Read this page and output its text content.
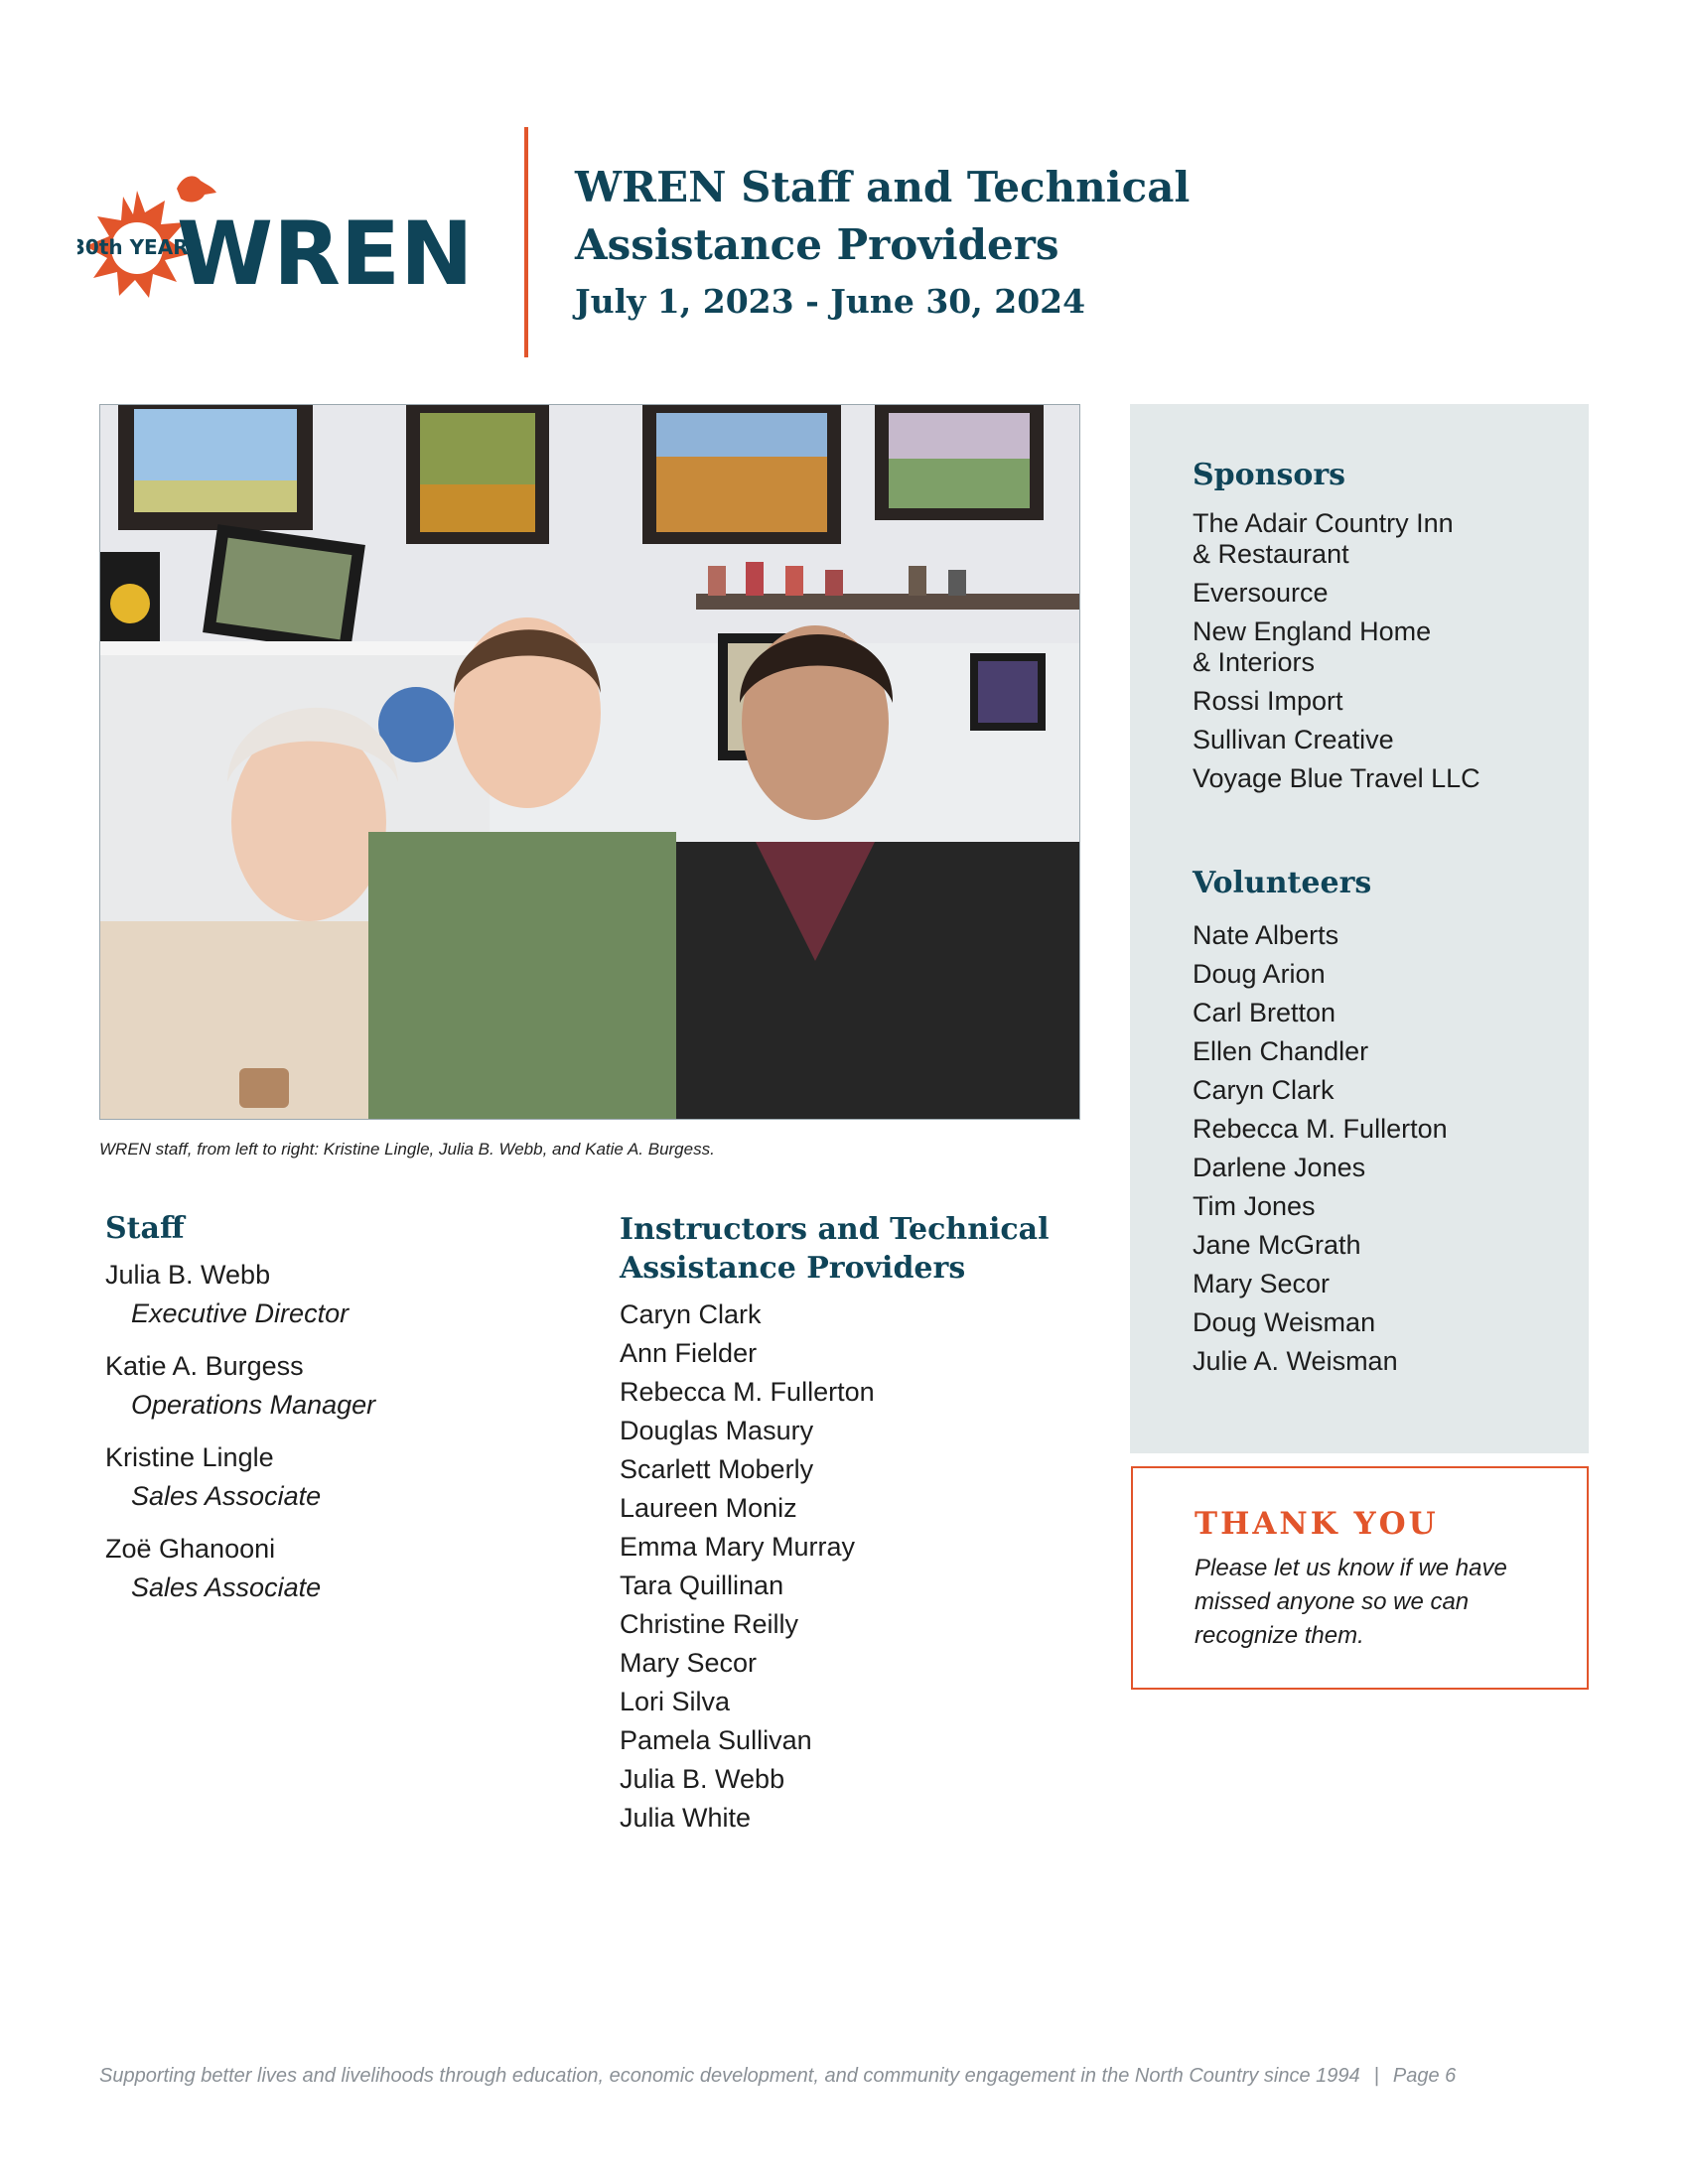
30th YEARS
WREN
WREN Staff and Technical
Assistance Providers
July 1, 2023 - June 30, 2024
WREN staff, from left to right: Kristine Lingle, Julia B. Webb, and Katie A. Burgess.
Staff
Julia B. Webb
Executive Director
Katie A. Burgess
Operations Manager
Kristine Lingle
Sales Associate
Zoë Ghanooni
Sales Associate
Instructors and Technical
Assistance Providers
Caryn Clark
Ann Fielder
Rebecca M. Fullerton
Douglas Masury
Scarlett Moberly
Laureen Moniz
Emma Mary Murray
Tara Quillinan
Christine Reilly
Mary Secor
Lori Silva
Pamela Sullivan
Julia B. Webb
Julia White
Sponsors
The Adair Country Inn
& Restaurant
Eversource
New England Home
& Interiors
Rossi Import
Sullivan Creative
Voyage Blue Travel LLC
Volunteers
Nate Alberts
Doug Arion
Carl Bretton
Ellen Chandler
Caryn Clark
Rebecca M. Fullerton
Darlene Jones
Tim Jones
Jane McGrath
Mary Secor
Doug Weisman
Julie A. Weisman
THANK YOU
Please let us know if we have missed anyone so we can recognize them.
Supporting better lives and livelihoods through education, economic development, and community engagement in the North Country since 1994 | Page 6
